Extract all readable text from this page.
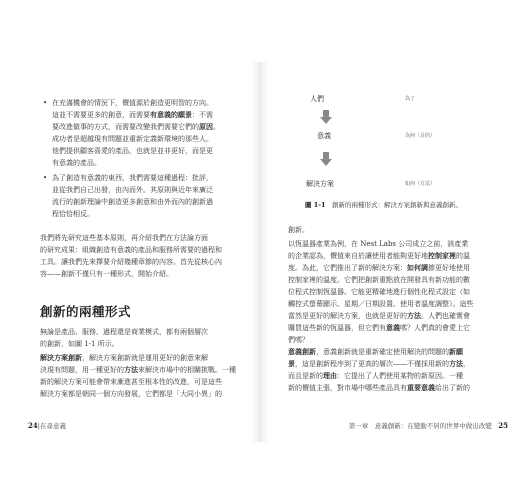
• 在充滿機會的情況下，價值源於創造更明智的方向。
這並不需要更多的創意，而需要有意義的願景：不需
要改進做事的方式，而需要改變我們需要它們的原因。
成功者是超越現有問題並重新定義新環境的那些人。
他們提供顧客喜愛的產品，也就是並非更好，而是更
有意義的產品。
• 為了創造有意義的東西，我們需要這種過程：批評，
並從我們自己出發，由內而外。其原則與近年來廣泛
流行的創新理論中創造更多創意和由外而內的創新過
程恰恰相反。
我們將先研究這些基本原則，再介紹我們在方法論方面
的研究成果：組織創造有意義的產品和服務所需要的過程和
工具。讓我們先來擇要介紹幾種章節的內容。首先從核心內
容——創新不僅只有一種形式，開始介紹。
創新的兩種形式
無論是產品、服務、過程還是商業模式，都有兩個層次
的創新，如圖 1-1 所示。
解決方案創新，解決方案創新就是運用更好的創意來解
決現有問題，用一種更好的方法來解決市場中的相關挑戰。一種
新的解決方案可能會帶來漸進甚至根本性的改進，可是這些
解決方案都是朝同一個方向發展，它們都是「大同小異」的
24|在尋意義
人們	為了
意義	為何（目的）
解決方案	如何（方法）
圖 1-1　 創新的兩種形式：解決方案創新與意義創新。
創新。
以恆溫器產業為例，在 Nest Labs 公司成立之前，該產業
的企業認為，價值來自於讓使用者能夠更好地控制家裡的溫
度。為此，它們推出了新的解決方案：如何調節更好地使用
控制家裡的溫度。它們把創新重點放在開發具有新功能的數
位程式控制恆溫器。它能更精確地進行個性化程式設定（如
觸控式螢幕顯示、星期／日期設置、使用者溫度調整）。這些
當然是更好的解決方案，也就是更好的方法。人們也確實會
購買這些新的恆溫器，但它們有意義嗎？人們真的會愛上它
們嗎？
意義創新，意義創新就是重新確定使用解決的問題的新願
景，這是創新程序到了更高的層次——不僅採用新的方法，
而且是新的理由：它提出了人們使用某物的新原因。一種
新的價值主張，對市場中哪些產品具有重要意義給出了新的
第一章　意義創新：在變動不居的世界中做出改變　 25
